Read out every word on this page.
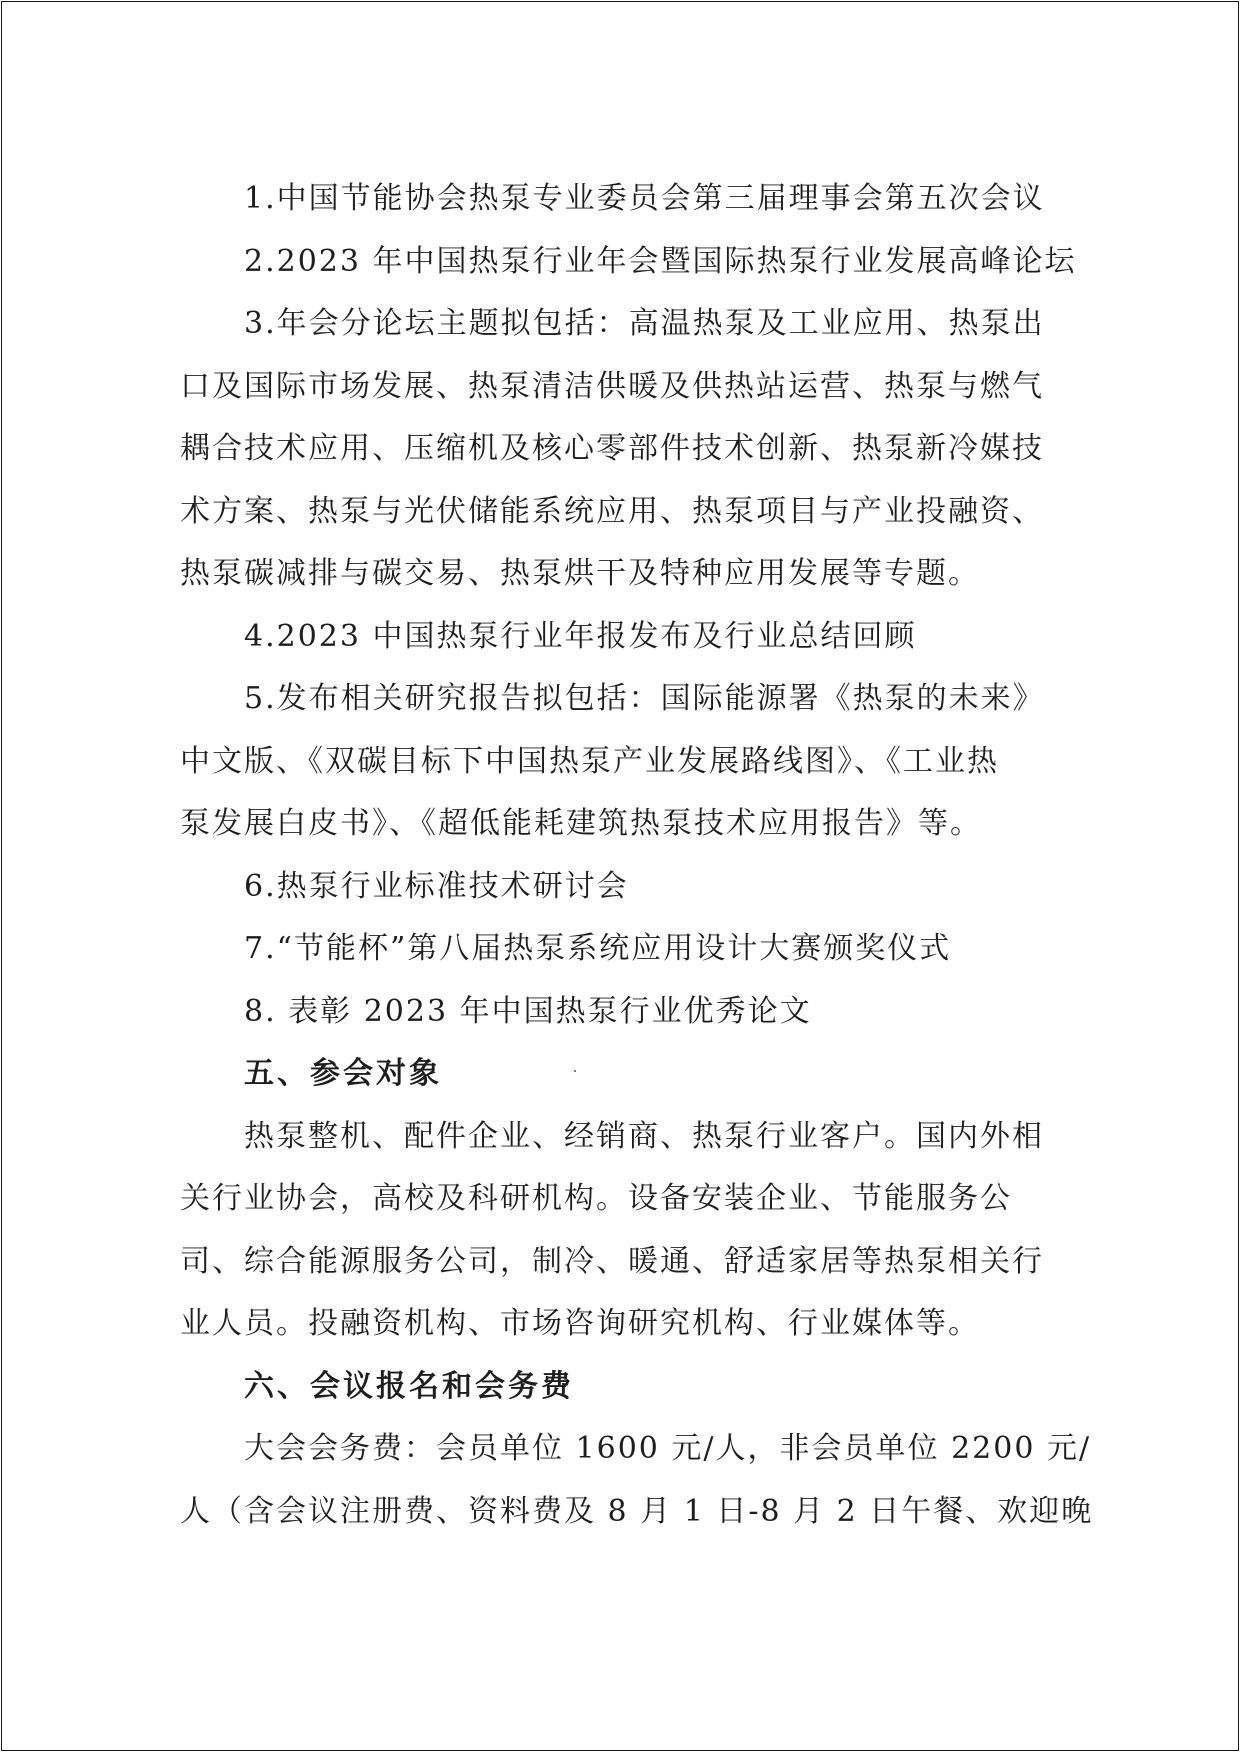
1.中国节能协会热泵专业委员会第三届理事会第五次会议
2.2023 年中国热泵行业年会暨国际热泵行业发展高峰论坛
3.年会分论坛主题拟包括：高温热泵及工业应用、热泵出
口及国际市场发展、热泵清洁供暖及供热站运营、热泵与燃气
耦合技术应用、压缩机及核心零部件技术创新、热泵新冷媒技
术方案、热泵与光伏储能系统应用、热泵项目与产业投融资、
热泵碳减排与碳交易、热泵烘干及特种应用发展等专题。
4.2023 中国热泵行业年报发布及行业总结回顾
5.发布相关研究报告拟包括：国际能源署《热泵的未来》
中文版、《双碳目标下中国热泵产业发展路线图》、《工业热
泵发展白皮书》、《超低能耗建筑热泵技术应用报告》等。
6.热泵行业标准技术研讨会
7.“节能杯”第八届热泵系统应用设计大赛颁奖仪式
8. 表彰 2023 年中国热泵行业优秀论文
五、参会对象
热泵整机、配件企业、经销商、热泵行业客户。国内外相
关行业协会，高校及科研机构。设备安装企业、节能服务公
司、综合能源服务公司，制冷、暖通、舒适家居等热泵相关行
业人员。投融资机构、市场咨询研究机构、行业媒体等。
六、会议报名和会务费
大会会务费：会员单位 1600 元/人，非会员单位 2200 元/
人（含会议注册费、资料费及 8 月 1 日-8 月 2 日午餐、欢迎晚
